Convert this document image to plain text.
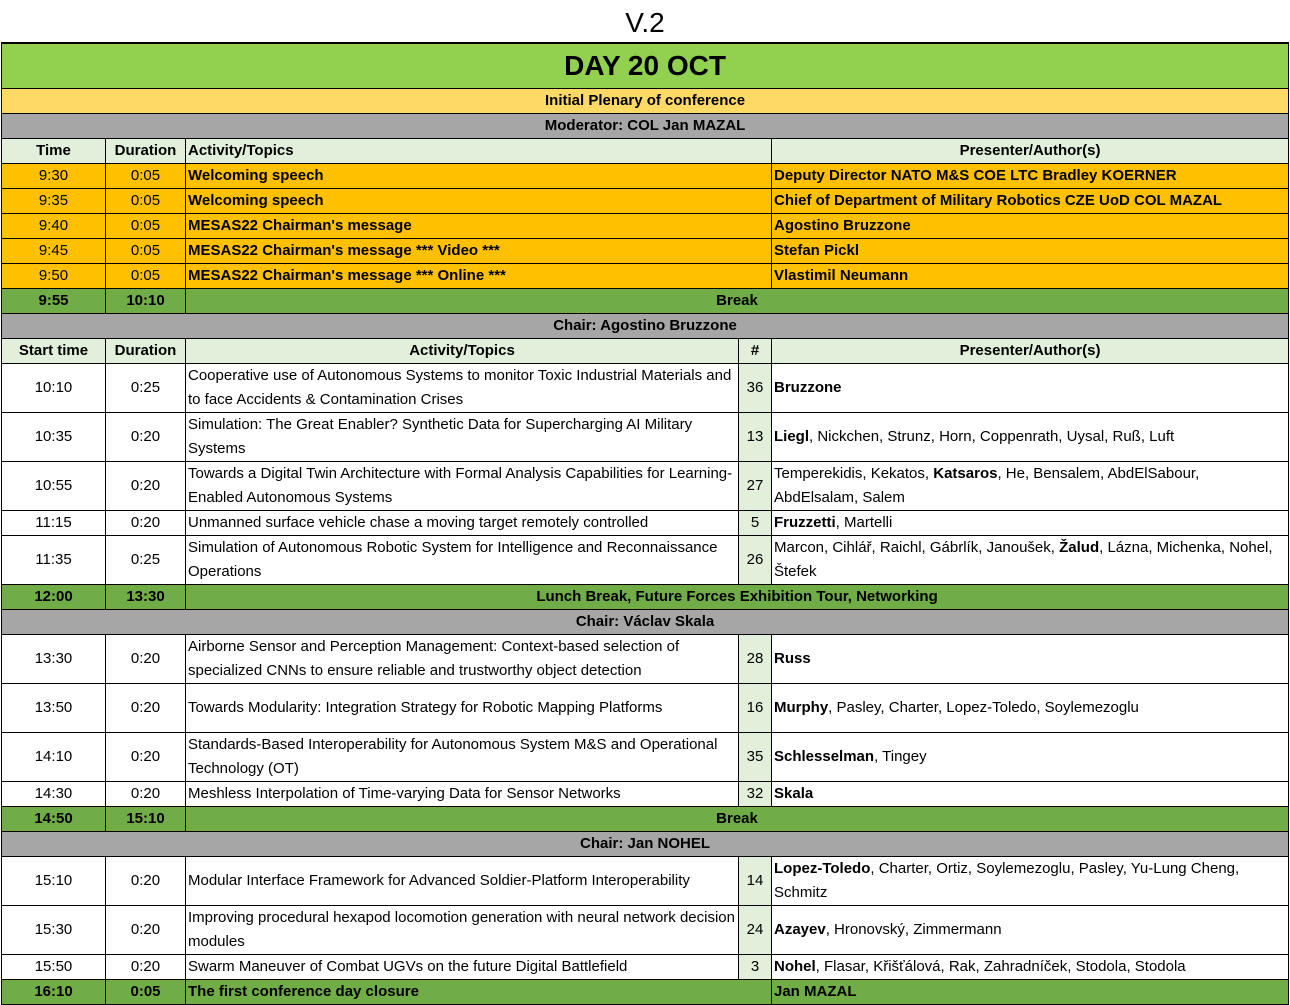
V.2
DAY 20 OCT				
Initial Plenary of conference				
Moderator: COL Jan MAZAL				
Time	Duration	Activity/Topics		Presenter/Author(s)
9:30	0:05	Welcoming speech		Deputy Director NATO M&S COE LTC Bradley KOERNER
9:35	0:05	Welcoming speech		Chief of Department of Military Robotics CZE UoD COL MAZAL
9:40	0:05	MESAS22 Chairman's message		Agostino Bruzzone
9:45	0:05	MESAS22 Chairman's message *** Video ***		Stefan Pickl
9:50	0:05	MESAS22 Chairman's message *** Online ***		Vlastimil Neumann
9:55	10:10	Break		
Chair: Agostino Bruzzone				
Start time	Duration	Activity/Topics	#	Presenter/Author(s)
10:10	0:25	Cooperative use of Autonomous Systems to monitor Toxic Industrial Materials and to face Accidents & Contamination Crises	36	Bruzzone
10:35	0:20	Simulation: The Great Enabler? Synthetic Data for Supercharging AI Military Systems	13	Liegl, Nickchen, Strunz, Horn, Coppenrath, Uysal, Ruß, Luft
10:55	0:20	Towards a Digital Twin Architecture with Formal Analysis Capabilities for Learning-Enabled Autonomous Systems	27	Temperekidis, Kekatos, Katsaros, He, Bensalem, AbdElSabour, AbdElsalam, Salem
11:15	0:20	Unmanned surface vehicle chase a moving target remotely controlled	5	Fruzzetti, Martelli
11:35	0:25	Simulation of Autonomous Robotic System for Intelligence and Reconnaissance Operations	26	Marcon, Cihlář, Raichl, Gábrlík, Janoušek, Žalud, Lázna, Michenka, Nohel, Štefek
12:00	13:30	Lunch Break, Future Forces Exhibition Tour, Networking		
Chair: Václav Skala				
13:30	0:20	Airborne Sensor and Perception Management: Context-based selection of specialized CNNs to ensure reliable and trustworthy object detection	28	Russ
13:50	0:20	Towards Modularity: Integration Strategy for Robotic Mapping Platforms	16	Murphy, Pasley, Charter, Lopez-Toledo, Soylemezoglu
14:10	0:20	Standards-Based Interoperability for Autonomous System M&S and Operational Technology (OT)	35	Schlesselman, Tingey
14:30	0:20	Meshless Interpolation of Time-varying Data for Sensor Networks	32	Skala
14:50	15:10	Break		
Chair: Jan NOHEL				
15:10	0:20	Modular Interface Framework for Advanced Soldier-Platform Interoperability	14	Lopez-Toledo, Charter, Ortiz, Soylemezoglu, Pasley, Yu-Lung Cheng, Schmitz
15:30	0:20	Improving procedural hexapod locomotion generation with neural network decision modules	24	Azayev, Hronovský, Zimmermann
15:50	0:20	Swarm Maneuver of Combat UGVs on the future Digital Battlefield	3	Nohel, Flasar, Křišťálová, Rak, Zahradníček, Stodola, Stodola
16:10	0:05	The first conference day closure		Jan MAZAL
